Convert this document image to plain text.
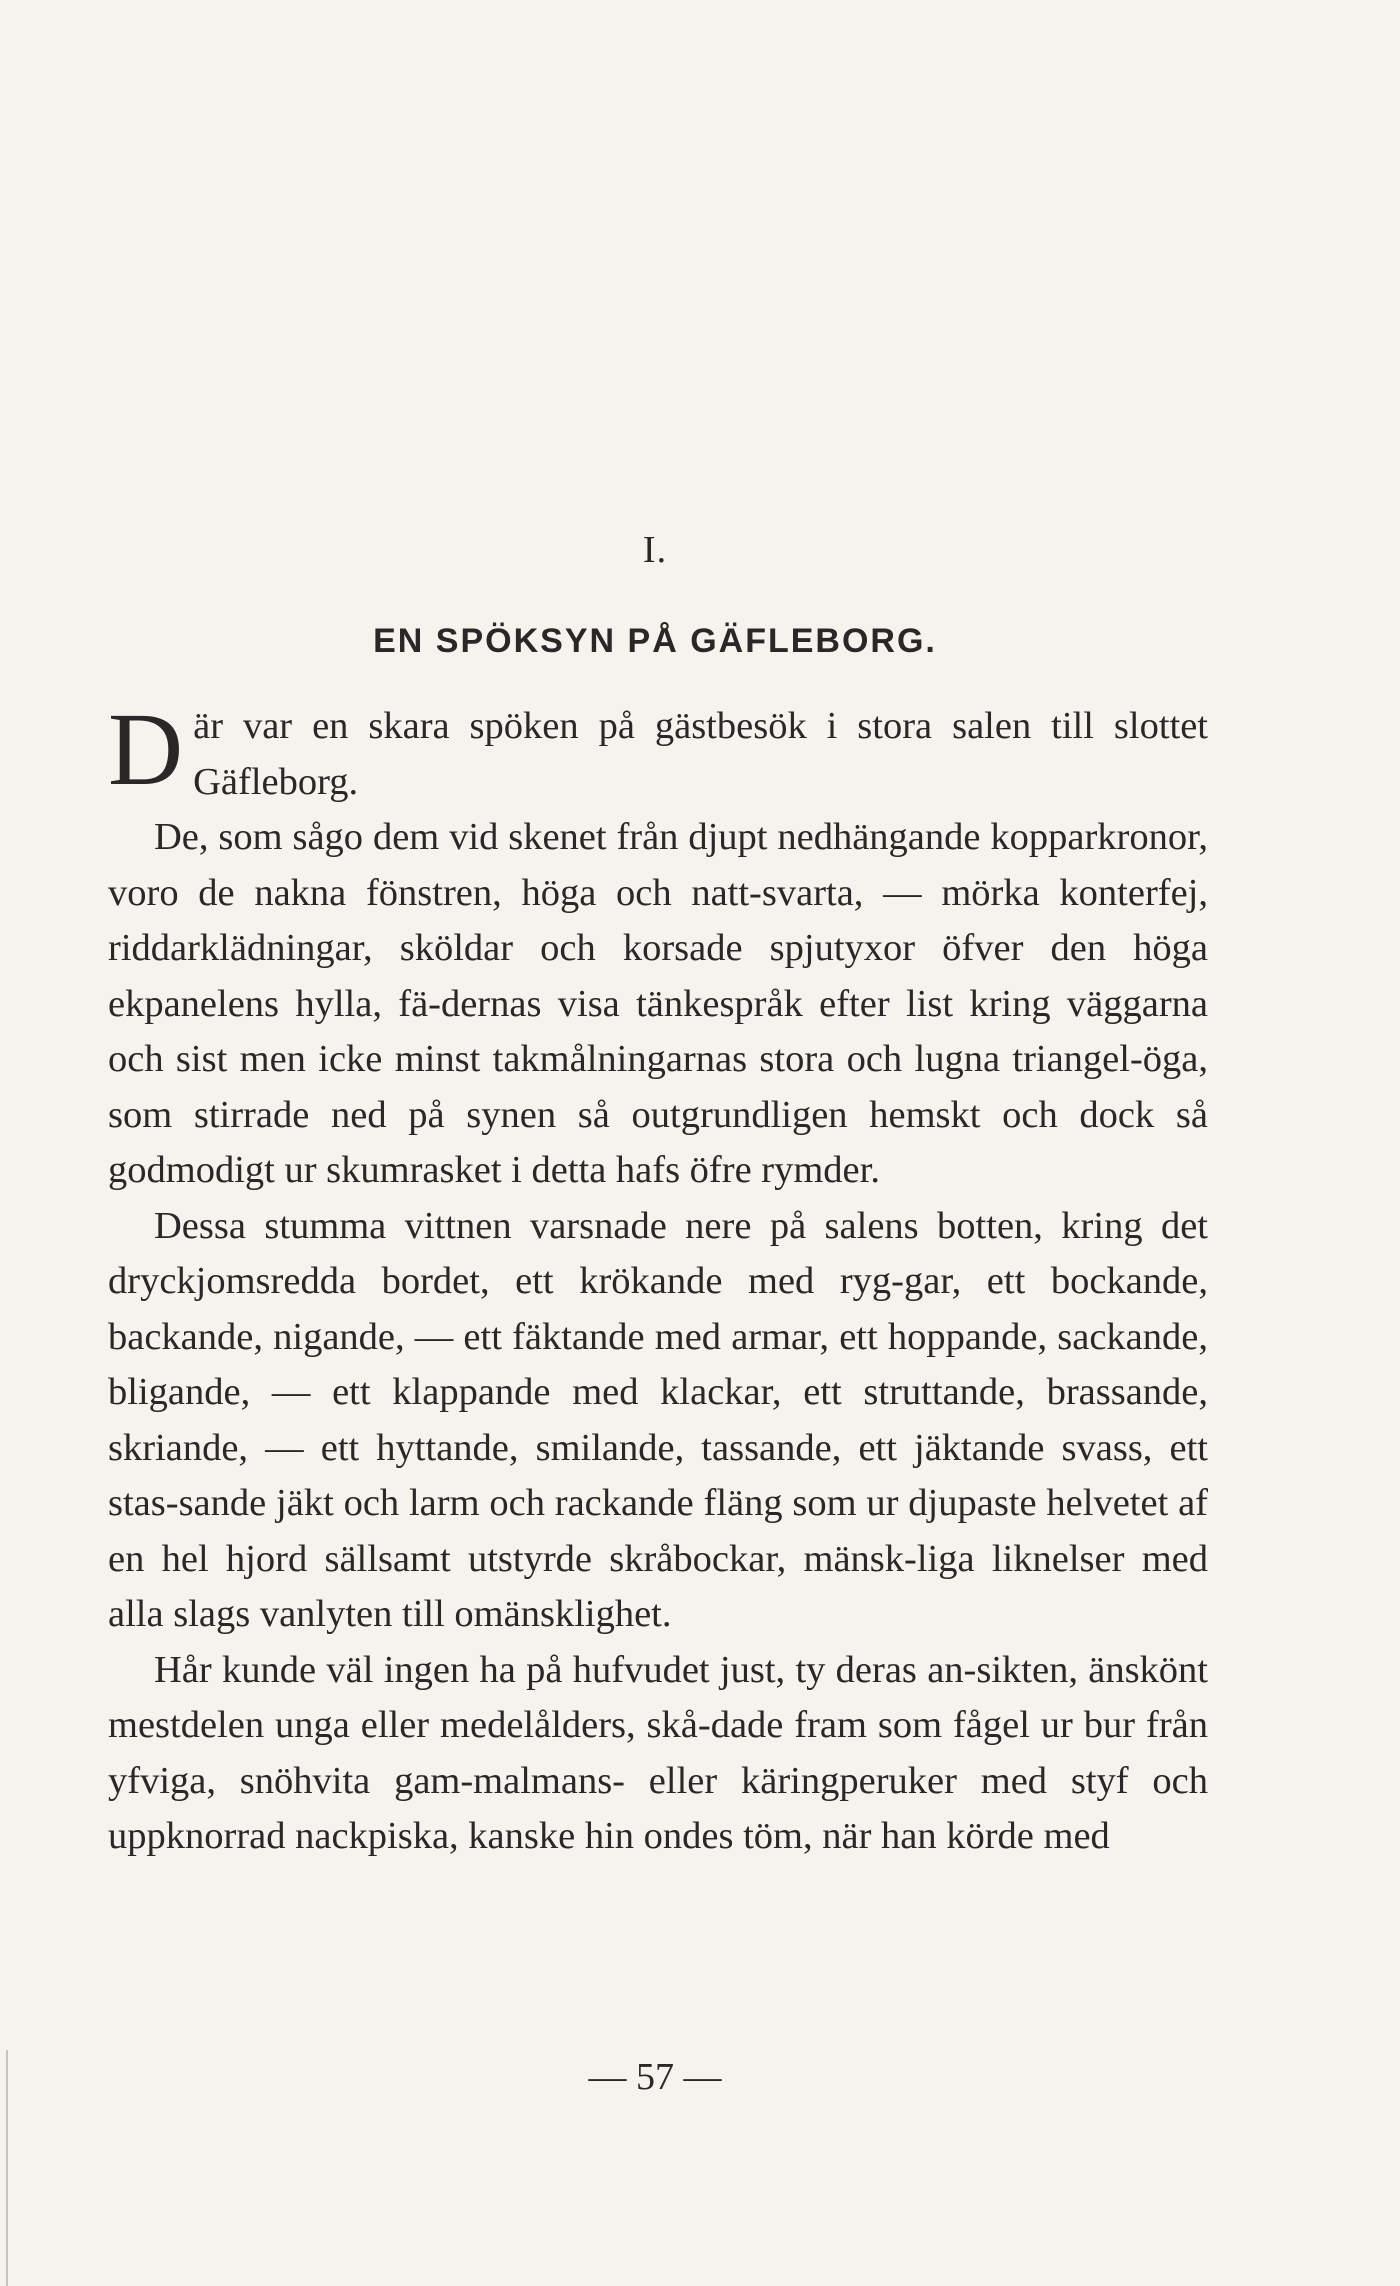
I.
EN SPÖKSYN PÅ GÄFLEBORG.

Där var en skara spöken på gästbesök i stora salen till slottet Gäfleborg.

De, som sågo dem vid skenet från djupt nedhängande kopparkronor, voro de nakna fönstren, höga och natt-svarta, — mörka konterfej, riddarklädningar, sköldar och korsade spjutyxor öfver den höga ekpanelens hylla, fä-dernas visa tänkespråk efter list kring väggarna och sist men icke minst takmålningarnas stora och lugna triangel-öga, som stirrade ned på synen så outgrundligen hemskt och dock så godmodigt ur skumrasket i detta hafs öfre rymder.

Dessa stumma vittnen varsnade nere på salens botten, kring det dryckjomsredda bordet, ett krökande med ryg-gar, ett bockande, backande, nigande, — ett fäktande med armar, ett hoppande, sackande, bligande, — ett klappande med klackar, ett struttande, brassande, skriande, — ett hyttande, smilande, tassande, ett jäktande svass, ett stas-sande jäkt och larm och rackande fläng som ur djupaste helvetet af en hel hjord sällsamt utstyrde skråbockar, mänsk-liga liknelser med alla slags vanlyten till omänsklighet.

Hår kunde väl ingen ha på hufvudet just, ty deras an-sikten, änskönt mestdelen unga eller medelålders, skå-dade fram som fågel ur bur från yfviga, snöhvita gam-malmans- eller käringperuker med styf och uppknorrad nackpiska, kanske hin ondes töm, när han körde med

— 57 —
